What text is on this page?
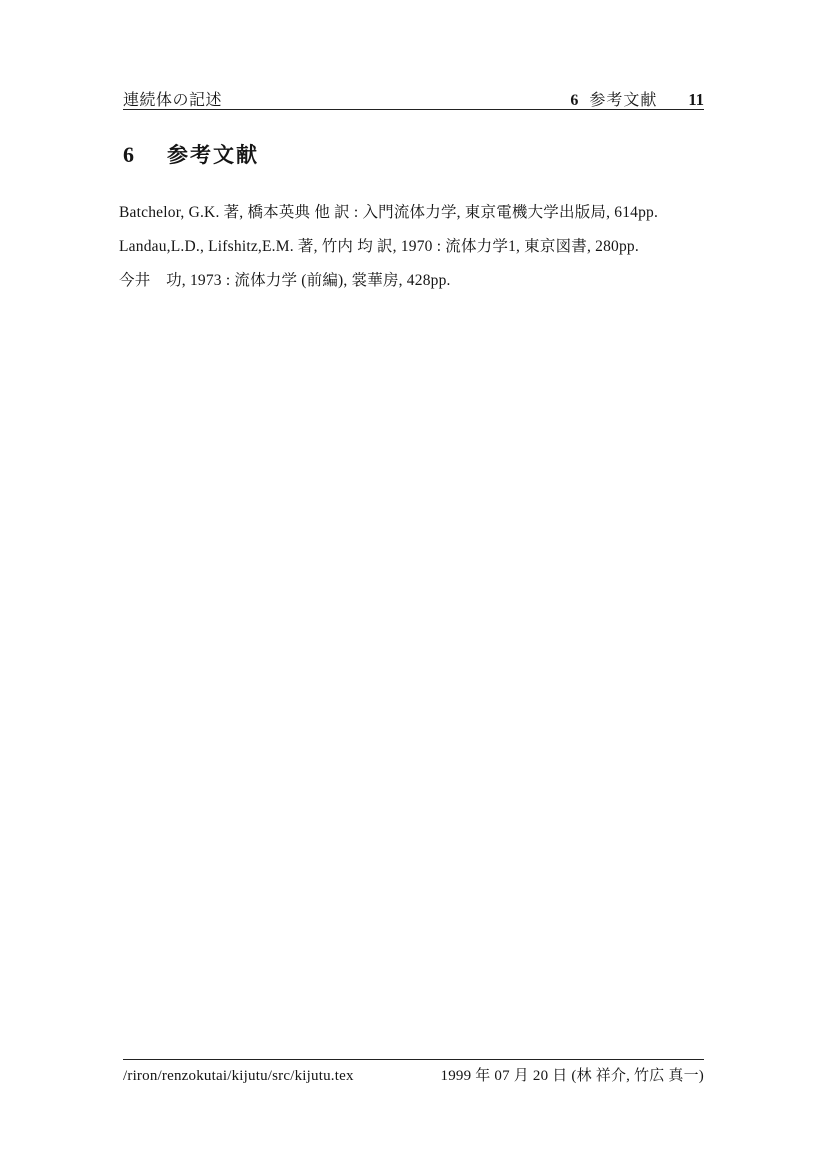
連続体の記述	6 参考文献 11
6 参考文献
Batchelor, G.K. 著, 橋本英典 他 訳 : 入門流体力学, 東京電機大学出版局, 614pp.
Landau,L.D., Lifshitz,E.M. 著, 竹内 均 訳, 1970 : 流体力学1, 東京図書, 280pp.
今井　功, 1973 : 流体力学 (前編), 裳華房, 428pp.
/riron/renzokutai/kijutu/src/kijutu.tex	1999 年 07 月 20 日 (林 祥介, 竹広 真一)
